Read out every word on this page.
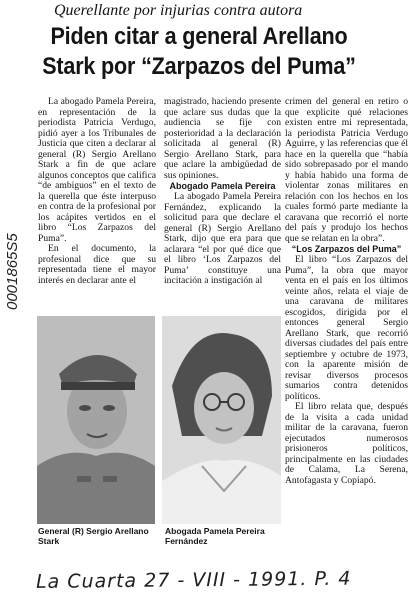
Querellante por injurias contra autora
Piden citar a general Arellano
Stark por “Zarpazos del Puma”
0001865S5

La abogado Pamela Pereira, en representación de la periodista Patricia Verdugo, pidió ayer a los Tribunales de Justicia que citen a declarar al general (R) Sergio Arellano Stark a fin de que aclare algunos conceptos que califica “de ambiguos” en el texto de la querella que éste interpuso en contra de la profesional por los acápites vertidos en el libro “Los Zarpazos del Puma”.

En el documento, la profesional dice que su representada tiene el mayor interés en declarar ante el

magistrado, haciendo presente que aclare sus dudas que la audiencia se fije con posterioridad a la declaración solicitada al general (R) Sergio Arellano Stark, para que aclare la ambigüedad de sus opiniones.

Abogado Pamela Pereira

La abogado Pamela Pereira Fernández, explicando la solicitud para que declare el general (R) Sergio Arellano Stark, dijo que era para que aclarara “el por qué dice que el libro ‘Los Zarpazos del Puma’ constituye una incitación a instigación al

crimen del general en retiro o que explicite qué relaciones existen entre mi representada, la periodista Patricia Verdugo Aguirre, y las referencias que él hace en la querella que “había sido sobrepasado por el mando y había habido una forma de violentar zonas militares en relación con los hechos en los cuales formó parte mediante la caravana que recorrió el norte del país y produjo los hechos que se relatan en la obra”.

“Los Zarpazos del Puma”

El libro “Los Zarpazos del Puma”, la obra que mayor venta en el país en los últimos veinte años, relata el viaje de una caravana de militares escogidos, dirigida por el entonces general Sergio Arellano Stark, que recorrió diversas ciudades del país entre septiembre y octubre de 1973, con la aparente misión de revisar diversos procesos sumarios contra detenidos políticos.

El libro relata que, después de la visita a cada unidad militar de la caravana, fueron ejecutados numerosos prisioneros políticos, principalmente en las ciudades de Calama, La Serena, Antofagasta y Copiapó.

General (R) Sergio Arellano Stark
Abogada Pamela Pereira Fernández
La Cuarta 27 - VIII - 1991. P. 4
